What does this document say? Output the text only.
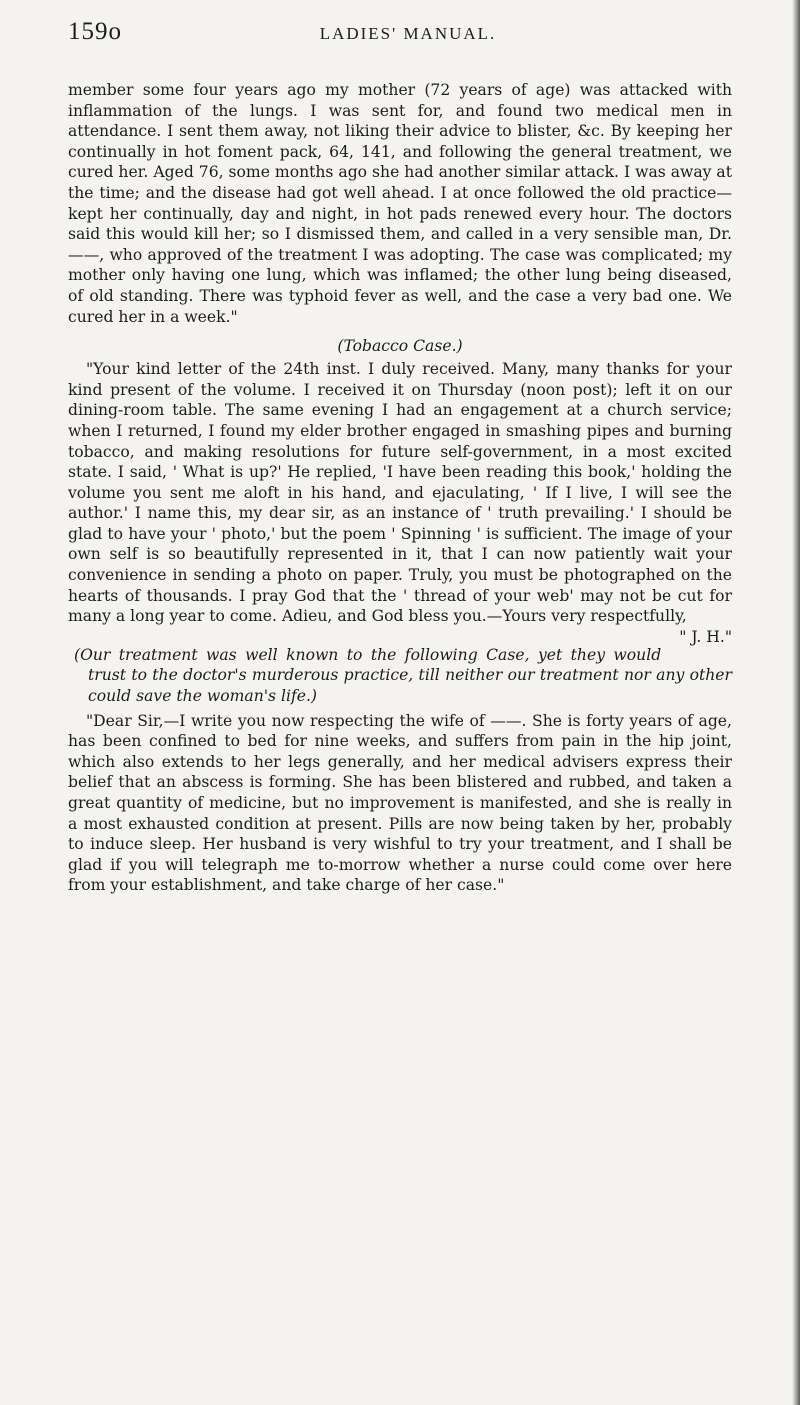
159o	LADIES' MANUAL.

member some four years ago my mother (72 years of age) was attacked with inflammation of the lungs. I was sent for, and found two medical men in attendance. I sent them away, not liking their advice to blister, &c. By keeping her continually in hot foment pack, 64, 141, and following the general treatment, we cured her. Aged 76, some months ago she had another similar attack. I was away at the time; and the disease had got well ahead. I at once followed the old practice—kept her continually, day and night, in hot pads renewed every hour. The doctors said this would kill her; so I dismissed them, and called in a very sensible man, Dr. ——, who approved of the treatment I was adopting. The case was complicated; my mother only having one lung, which was inflamed; the other lung being diseased, of old standing. There was typhoid fever as well, and the case a very bad one. We cured her in a week."

(Tobacco Case.)

"Your kind letter of the 24th inst. I duly received. Many, many thanks for your kind present of the volume. I received it on Thursday (noon post); left it on our dining-room table. The same evening I had an engagement at a church service; when I returned, I found my elder brother engaged in smashing pipes and burning tobacco, and making resolutions for future self-government, in a most excited state. I said, ' What is up?' He replied, 'I have been reading this book,' holding the volume you sent me aloft in his hand, and ejaculating, ' If I live, I will see the author.' I name this, my dear sir, as an instance of ' truth prevailing.' I should be glad to have your ' photo,' but the poem ' Spinning ' is sufficient. The image of your own self is so beautifully represented in it, that I can now patiently wait your convenience in sending a photo on paper. Truly, you must be photographed on the hearts of thousands. I pray God that the ' thread of your web' may not be cut for many a long year to come. Adieu, and God bless you.—Yours very respectfully,
" J. H."

(Our treatment was well known to the following Case, yet they would trust to the doctor's murderous practice, till neither our treatment nor any other could save the woman's life.)

"Dear Sir,—I write you now respecting the wife of ——. She is forty years of age, has been confined to bed for nine weeks, and suffers from pain in the hip joint, which also extends to her legs generally, and her medical advisers express their belief that an abscess is forming. She has been blistered and rubbed, and taken a great quantity of medicine, but no improvement is manifested, and she is really in a most exhausted condition at present. Pills are now being taken by her, probably to induce sleep. Her husband is very wishful to try your treatment, and I shall be glad if you will telegraph me to-morrow whether a nurse could come over here from your establishment, and take charge of her case."
